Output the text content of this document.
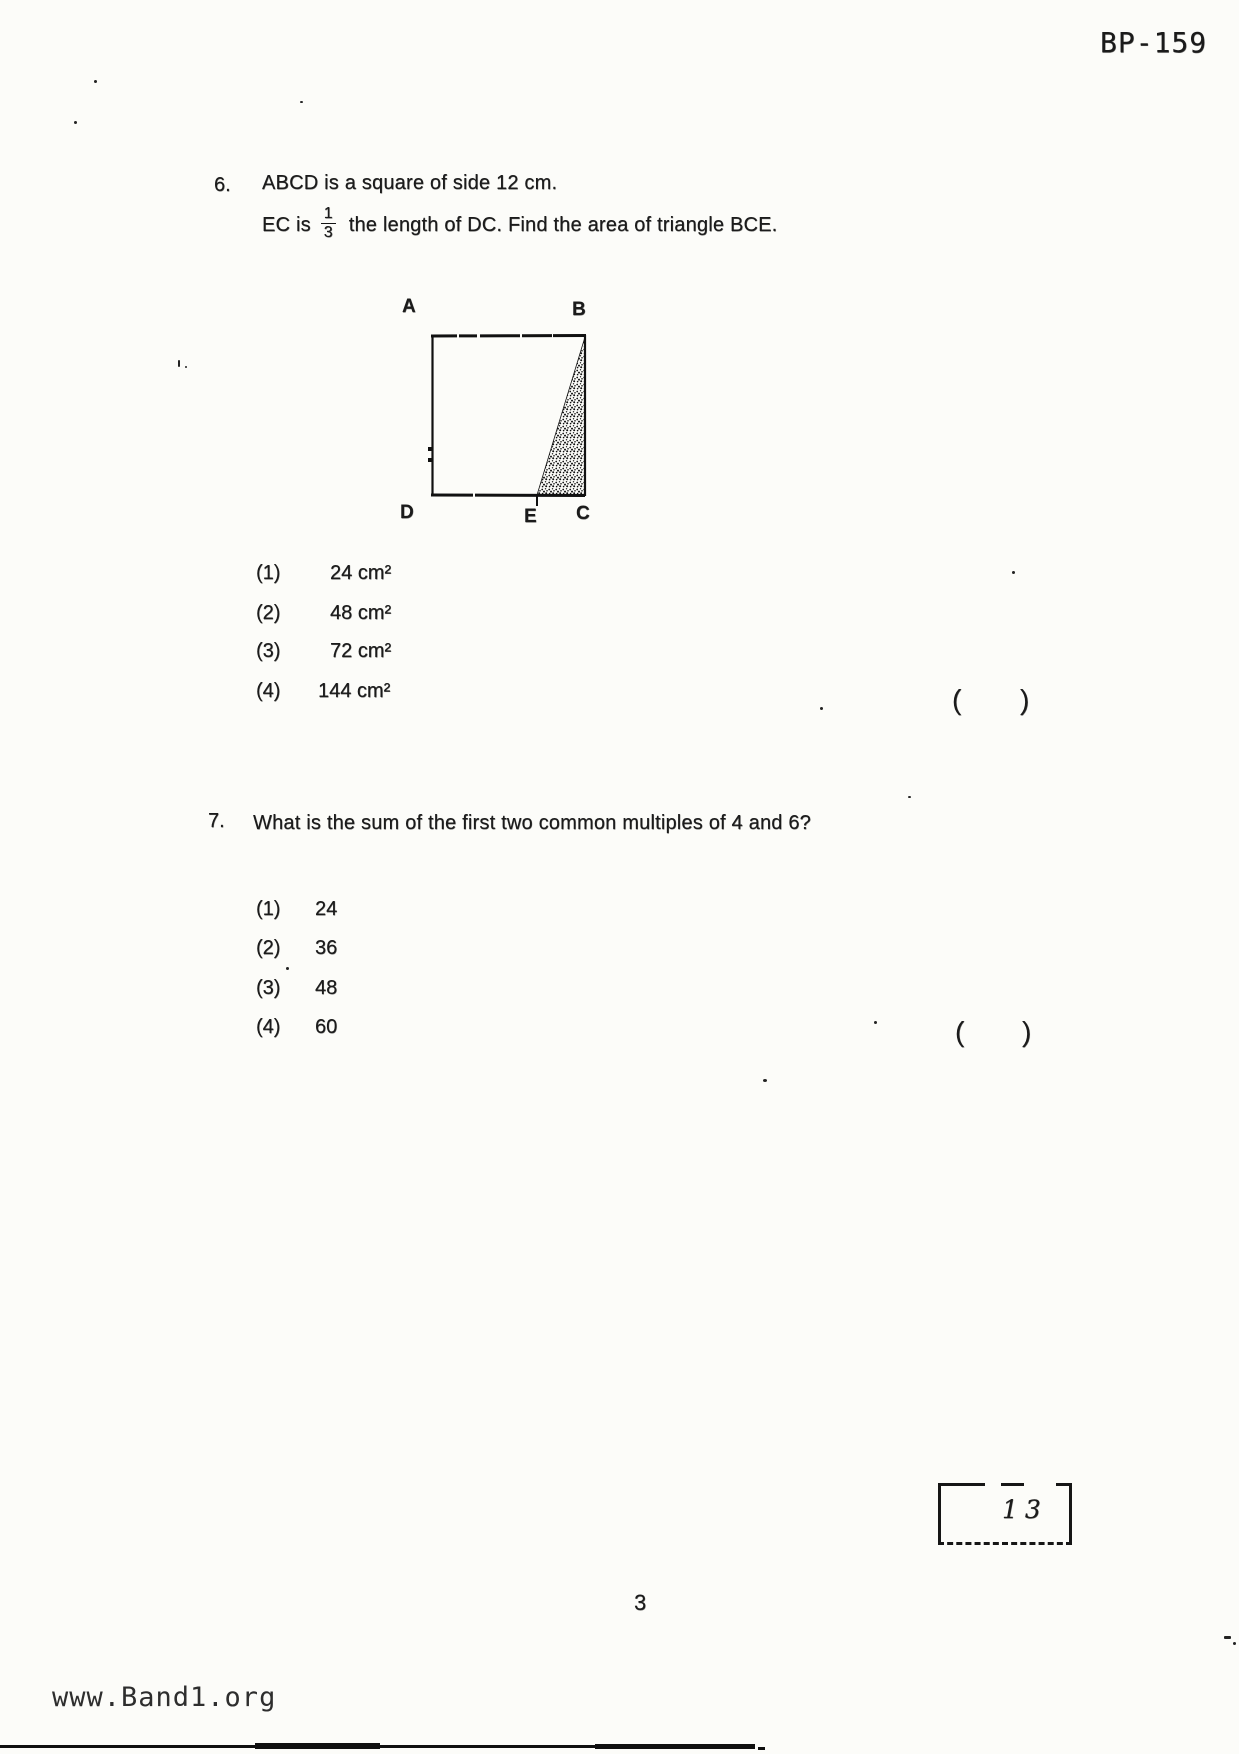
BP-159
6. ABCD is a square of side 12 cm.
EC is $\frac{1}{3}$ the length of DC. Find the area of triangle BCE.
A	B
D	E C
(1) 24 cm²
(2) 48 cm²
(3) 72 cm²
(4) 144 cm²	( )
7. What is the sum of the first two common multiples of 4 and 6?
(1) 24
(2) 36
(3) 48
(4) 60	( )
13
3
www.Band1.org
